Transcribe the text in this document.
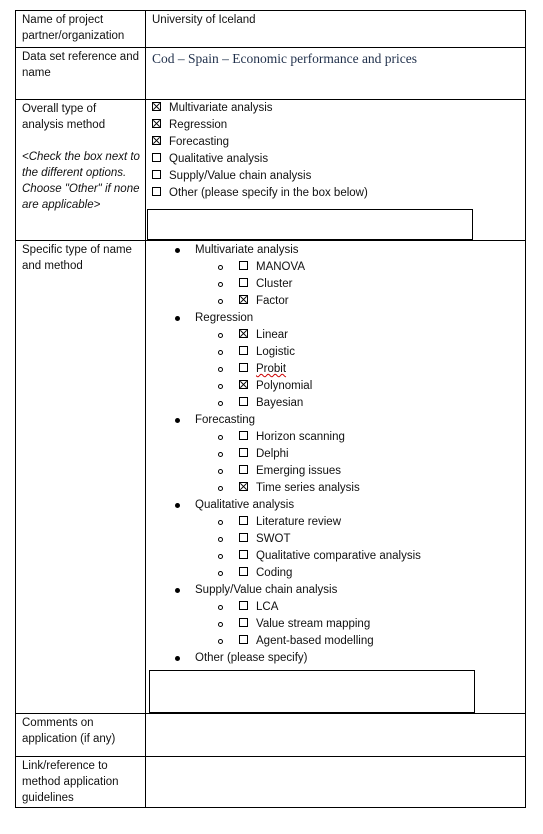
Name of project partner/organization
University of Iceland
Data set reference and name
Cod – Spain – Economic performance and prices
Overall type of analysis method
<Check the box next to the different options. Choose "Other" if none are applicable>
Multivariate analysis
Regression
Forecasting
Qualitative analysis
Supply/Value chain analysis
Other (please specify in the box below)
Specific type of name and method
Multivariate analysis
MANOVA
Cluster
Factor
Regression
Linear
Logistic
Probit
Polynomial
Bayesian
Forecasting
Horizon scanning
Delphi
Emerging issues
Time series analysis
Qualitative analysis
Literature review
SWOT
Qualitative comparative analysis
Coding
Supply/Value chain analysis
LCA
Value stream mapping
Agent-based modelling
Other (please specify)
Comments on application (if any)
Link/reference to method application guidelines
